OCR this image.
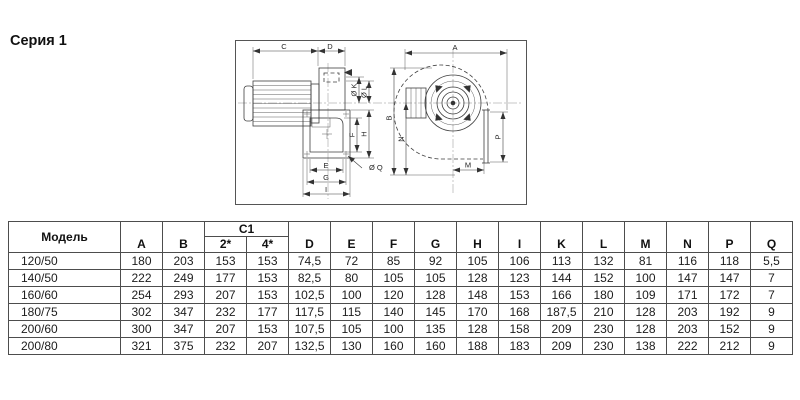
Серия 1	C	D
Ø K Ø L
F H
E
G
I
Ø Q
A
B
N	P
M
Модель	A	B	C1		D	E	F	G	H	I	K	L	M	N	P	Q
			2*	4*												
120/50	180	203	153	153	74,5	72	85	92	105	106	113	132	81	116	118	5,5
140/50	222	249	177	153	82,5	80	105	105	128	123	144	152	100	147	147	7
160/60	254	293	207	153	102,5	100	120	128	148	153	166	180	109	171	172	7
180/75	302	347	232	177	117,5	115	140	145	170	168	187,5	210	128	203	192	9
200/60	300	347	207	153	107,5	105	100	135	128	158	209	230	128	203	152	9
200/80	321	375	232	207	132,5	130	160	160	188	183	209	230	138	222	212	9
